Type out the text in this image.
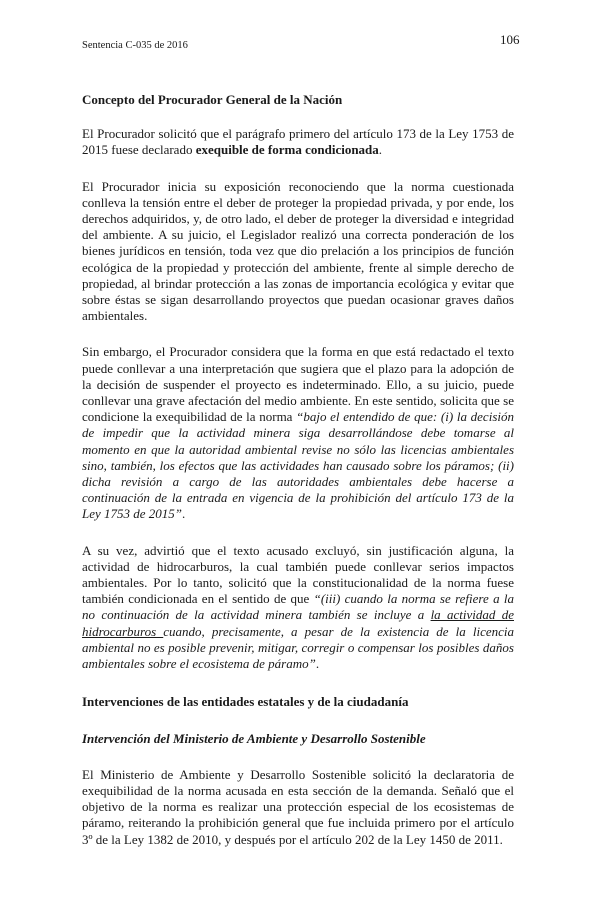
Sentencia C-035 de 2016	106
Concepto del Procurador General de la Nación

El Procurador solicitó que el parágrafo primero del artículo 173 de la Ley 1753 de 2015 fuese declarado exequible de forma condicionada.

El Procurador inicia su exposición reconociendo que la norma cuestionada conlleva la tensión entre el deber de proteger la propiedad privada, y por ende, los derechos adquiridos, y, de otro lado, el deber de proteger la diversidad e integridad del ambiente. A su juicio, el Legislador realizó una correcta ponderación de los bienes jurídicos en tensión, toda vez que dio prelación a los principios de función ecológica de la propiedad y protección del ambiente, frente al simple derecho de propiedad, al brindar protección a las zonas de importancia ecológica y evitar que sobre éstas se sigan desarrollando proyectos que puedan ocasionar graves daños ambientales.

Sin embargo, el Procurador considera que la forma en que está redactado el texto puede conllevar a una interpretación que sugiera que el plazo para la adopción de la decisión de suspender el proyecto es indeterminado. Ello, a su juicio, puede conllevar una grave afectación del medio ambiente. En este sentido, solicita que se condicione la exequibilidad de la norma “bajo el entendido de que: (i) la decisión de impedir que la actividad minera siga desarrollándose debe tomarse al momento en que la autoridad ambiental revise no sólo las licencias ambientales sino, también, los efectos que las actividades han causado sobre los páramos; (ii) dicha revisión a cargo de las autoridades ambientales debe hacerse a continuación de la entrada en vigencia de la prohibición del artículo 173 de la Ley 1753 de 2015”.

A su vez, advirtió que el texto acusado excluyó, sin justificación alguna, la actividad de hidrocarburos, la cual también puede conllevar serios impactos ambientales. Por lo tanto, solicitó que la constitucionalidad de la norma fuese también condicionada en el sentido de que “(iii) cuando la norma se refiere a la no continuación de la actividad minera también se incluye a la actividad de hidrocarburos cuando, precisamente, a pesar de la existencia de la licencia ambiental no es posible prevenir, mitigar, corregir o compensar los posibles daños ambientales sobre el ecosistema de páramo”.

Intervenciones de las entidades estatales y de la ciudadanía
Intervención del Ministerio de Ambiente y Desarrollo Sostenible

El Ministerio de Ambiente y Desarrollo Sostenible solicitó la declaratoria de exequibilidad de la norma acusada en esta sección de la demanda. Señaló que el objetivo de la norma es realizar una protección especial de los ecosistemas de páramo, reiterando la prohibición general que fue incluida primero por el artículo 3º de la Ley 1382 de 2010, y después por el artículo 202 de la Ley 1450 de 2011.
